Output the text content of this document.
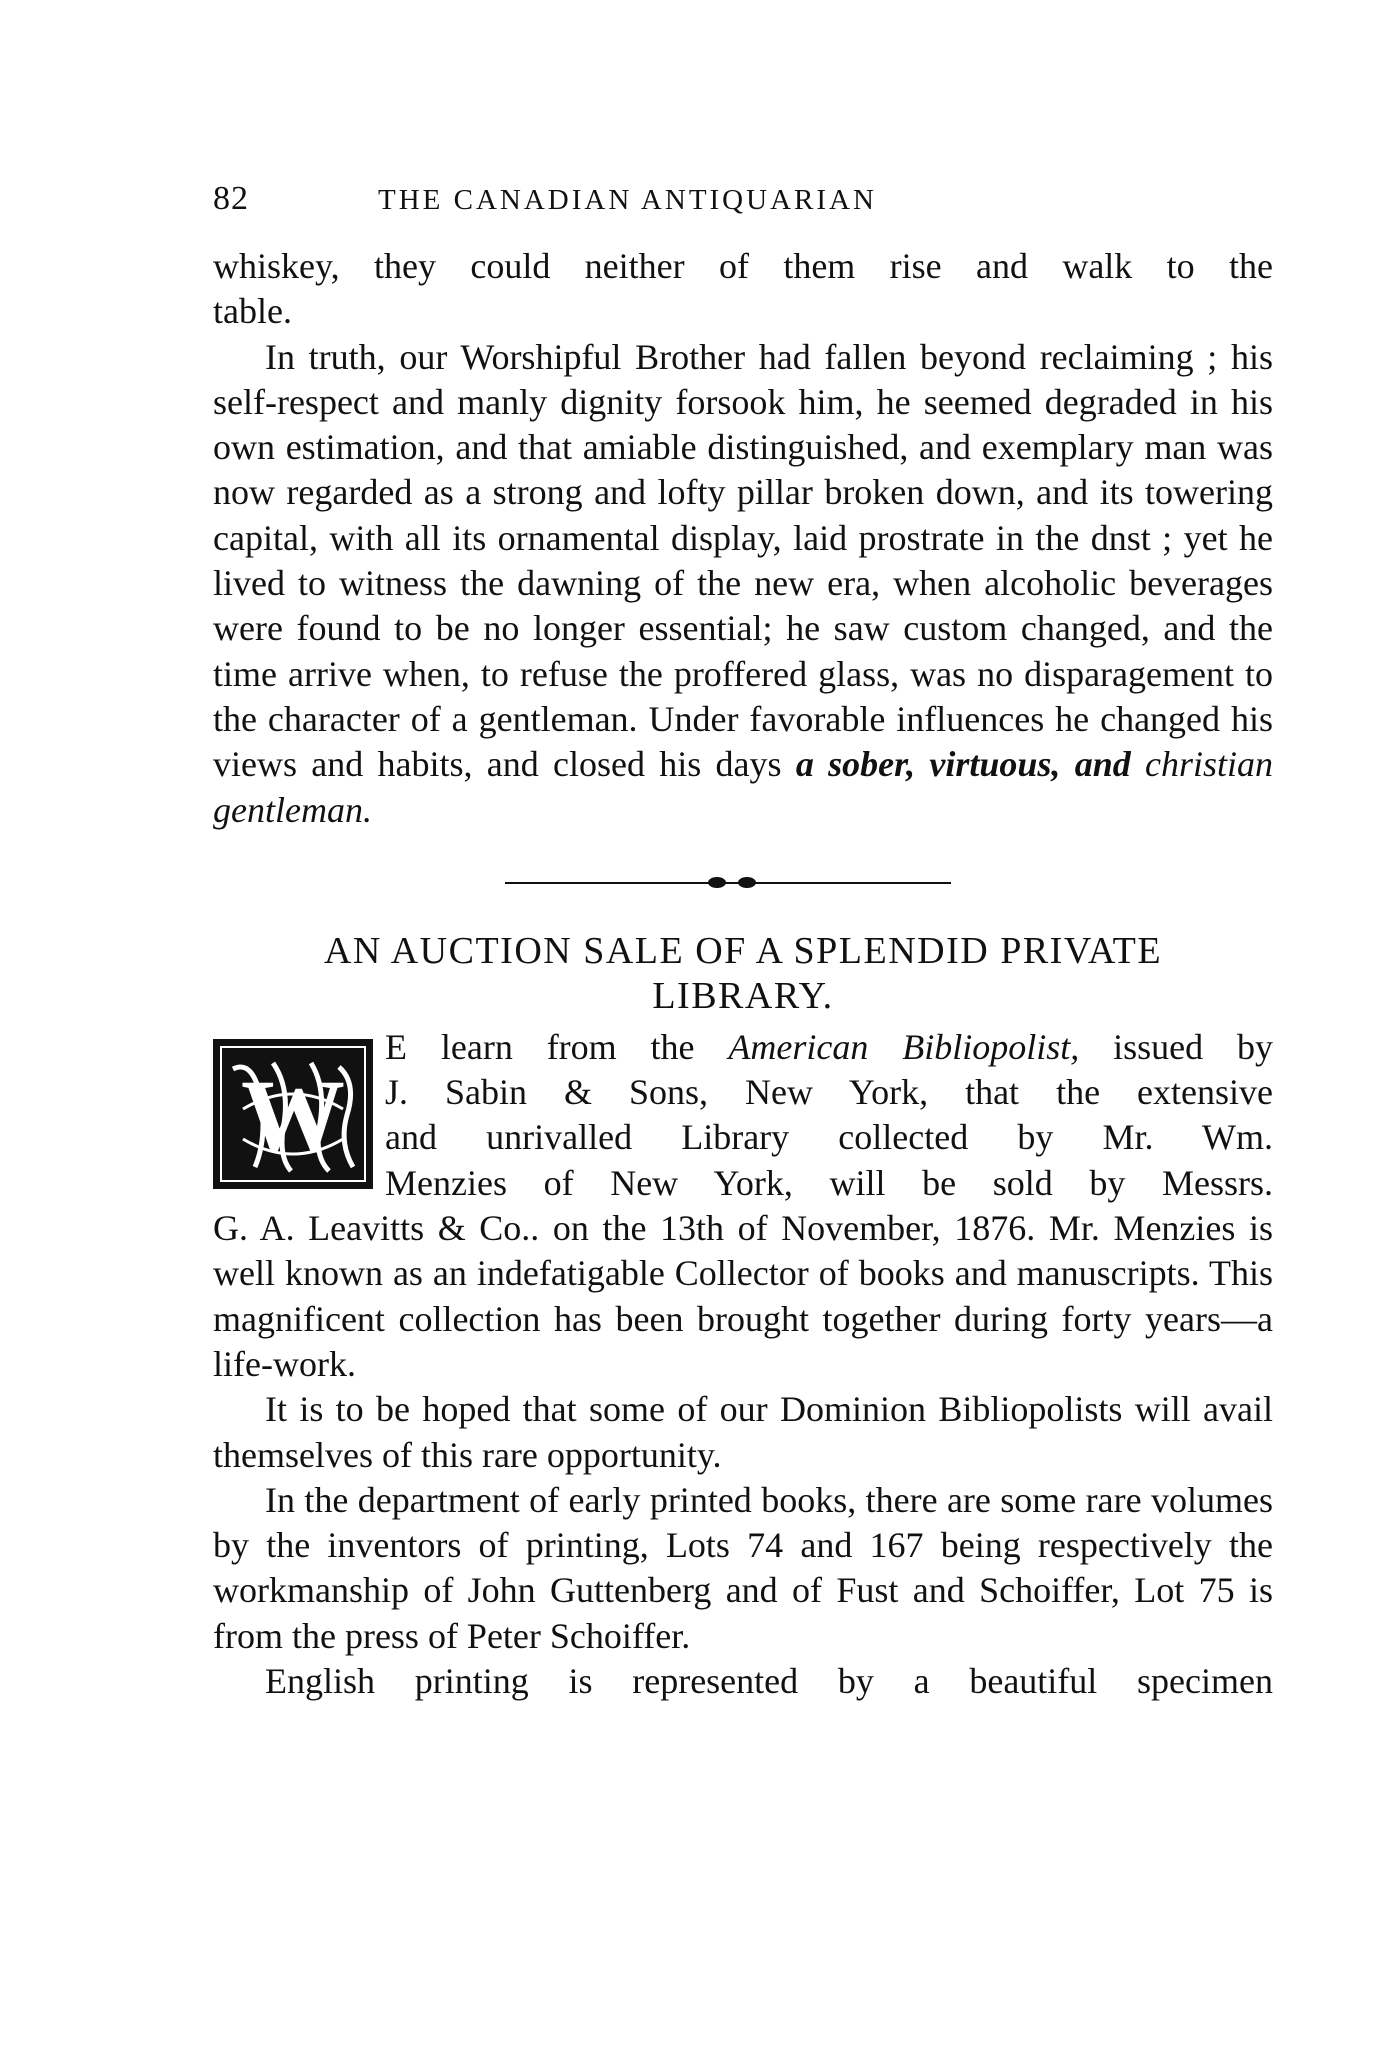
82	THE CANADIAN ANTIQUARIAN

whiskey, they could neither of them rise and walk to the

table.

In truth, our Worshipful Brother had fallen beyond reclaiming ; his self-respect and manly dignity forsook him, he seemed degraded in his own estimation, and that amiable distinguished, and exemplary man was now regarded as a strong and lofty pillar broken down, and its towering capital, with all its ornamental display, laid prostrate in the dnst ; yet he lived to witness the dawning of the new era, when alcoholic beverages were found to be no longer essential; he saw custom changed, and the time arrive when, to refuse the proffered glass, was no disparagement to the character of a gentleman. Under favorable influences he changed his views and habits, and closed his days a sober, virtuous, and christian gentleman.

AN AUCTION SALE OF A SPLENDID PRIVATE
LIBRARY.
W
E learn from the American Bibliopolist, issued by
J. Sabin & Sons, New York, that the extensive
and unrivalled Library collected by Mr. Wm.
Menzies of New York, will be sold by Messrs.

G. A. Leavitts & Co.. on the 13th of November, 1876. Mr. Menzies is well known as an indefatigable Collector of books and manuscripts. This magnificent collection has been brought together during forty years—a life-work.

It is to be hoped that some of our Dominion Bibliopolists will avail themselves of this rare opportunity.

In the department of early printed books, there are some rare volumes by the inventors of printing, Lots 74 and 167 being respectively the workmanship of John Guttenberg and of Fust and Schoiffer, Lot 75 is from the press of Peter Schoiffer.

English printing is represented by a beautiful specimen
